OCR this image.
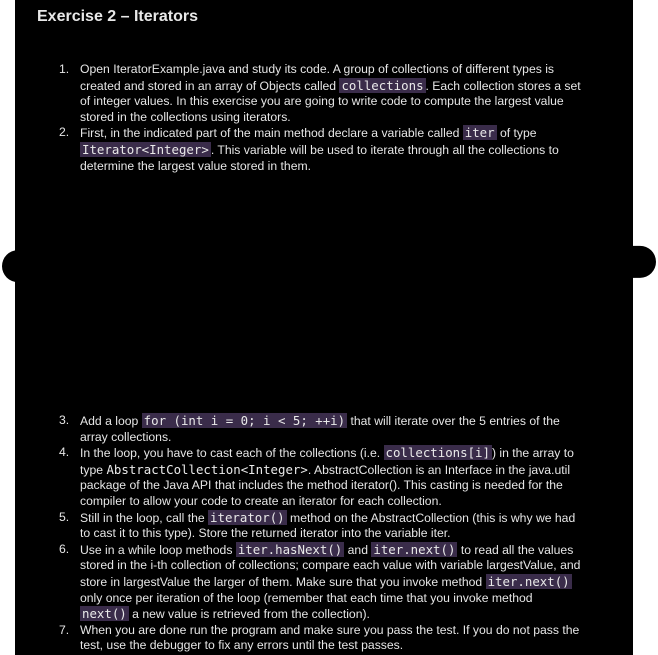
Exercise 2 – Iterators
1. Open IteratorExample.java and study its code. A group of collections of different types is created and stored in an array of Objects called collections . Each collection stores a set of integer values. In this exercise you are going to write code to compute the largest value stored in the collections using iterators.
2. First, in the indicated part of the main method declare a variable called iter of type Iterator<Integer> . This variable will be used to iterate through all the collections to determine the largest value stored in them.
3. Add a loop for (int i = 0; i < 5; ++i) that will iterate over the 5 entries of the array collections.
4. In the loop, you have to cast each of the collections (i.e. collections[i] ) in the array to type AbstractCollection<Integer>. AbstractCollection is an Interface in the java.util package of the Java API that includes the method iterator(). This casting is needed for the compiler to allow your code to create an iterator for each collection.
5. Still in the loop, call the iterator() method on the AbstractCollection (this is why we had to cast it to this type). Store the returned iterator into the variable iter.
6. Use in a while loop methods iter.hasNext() and iter.next() to read all the values stored in the i-th collection of collections; compare each value with variable largestValue, and store in largestValue the larger of them. Make sure that you invoke method iter.next() only once per iteration of the loop (remember that each time that you invoke method next() a new value is retrieved from the collection).
7. When you are done run the program and make sure you pass the test. If you do not pass the test, use the debugger to fix any errors until the test passes.
